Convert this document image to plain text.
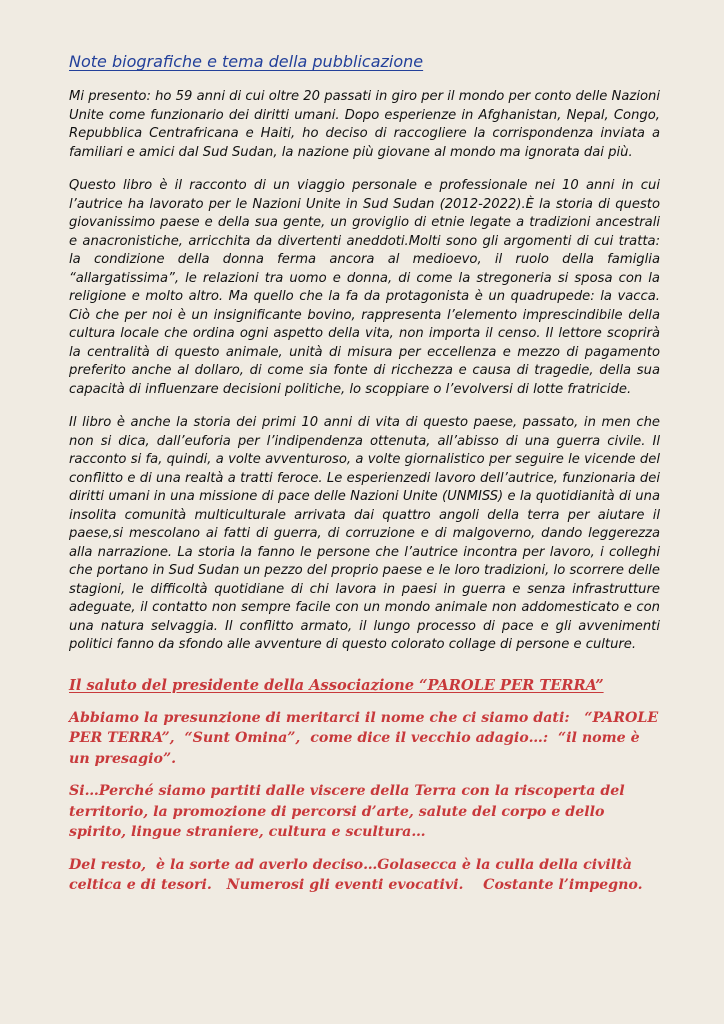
Note biografiche e tema della pubblicazione

Mi presento: ho 59 anni di cui oltre 20 passati in giro per il mondo per conto delle Nazioni Unite come funzionario dei diritti umani. Dopo esperienze in Afghanistan, Nepal, Congo, Repubblica Centrafricana e Haiti, ho deciso di raccogliere la corrispondenza inviata a familiari e amici dal Sud Sudan, la nazione più giovane al mondo ma ignorata dai più.

Questo libro è il racconto di un viaggio personale e professionale nei 10 anni in cui l’autrice ha lavorato per le Nazioni Unite in Sud Sudan (2012-2022).È la storia di questo giovanissimo paese e della sua gente, un groviglio di etnie legate a tradizioni ancestrali e anacronistiche, arricchita da divertenti aneddoti.Molti sono gli argomenti di cui tratta: la condizione della donna ferma ancora al medioevo, il ruolo della famiglia “allargatissima”, le relazioni tra uomo e donna, di come la stregoneria si sposa con la religione e molto altro. Ma quello che la fa da protagonista è un quadrupede: la vacca. Ciò che per noi è un insignificante bovino, rappresenta l’elemento imprescindibile della cultura locale che ordina ogni aspetto della vita, non importa il censo. Il lettore scoprirà la centralità di questo animale, unità di misura per eccellenza e mezzo di pagamento preferito anche al dollaro, di come sia fonte di ricchezza e causa di tragedie, della sua capacità di influenzare decisioni politiche, lo scoppiare o l’evolversi di lotte fratricide.

Il libro è anche la storia dei primi 10 anni di vita di questo paese, passato, in men che non si dica, dall’euforia per l’indipendenza ottenuta, all’abisso di una guerra civile. Il racconto si fa, quindi, a volte avventuroso, a volte giornalistico per seguire le vicende del conflitto e di una realtà a tratti feroce. Le esperienzedi lavoro dell’autrice, funzionaria dei diritti umani in una missione di pace delle Nazioni Unite (UNMISS) e la quotidianità di una insolita comunità multiculturale arrivata dai quattro angoli della terra per aiutare il paese,si mescolano ai fatti di guerra, di corruzione e di malgoverno, dando leggerezza alla narrazione. La storia la fanno le persone che l’autrice incontra per lavoro, i colleghi che portano in Sud Sudan un pezzo del proprio paese e le loro tradizioni, lo scorrere delle stagioni, le difficoltà quotidiane di chi lavora in paesi in guerra e senza infrastrutture adeguate, il contatto non sempre facile con un mondo animale non addomesticato e con una natura selvaggia. Il conflitto armato, il lungo processo di pace e gli avvenimenti politici fanno da sfondo alle avventure di questo colorato collage di persone e culture.

Il saluto del presidente della Associazione “PAROLE PER TERRA”

Abbiamo la presunzione di meritarci il nome che ci siamo dati:   “PAROLE PER TERRA”,  “Sunt Omina”,  come dice il vecchio adagio…:  “il nome è un presagio”.

Si…Perché siamo partiti dalle viscere della Terra con la riscoperta del territorio, la promozione di percorsi d’arte, salute del corpo e dello spirito, lingue straniere, cultura e scultura…

Del resto,  è la sorte ad averlo deciso…Golasecca è la culla della civiltà celtica e di tesori.   Numerosi gli eventi evocativi.    Costante l’impegno.
